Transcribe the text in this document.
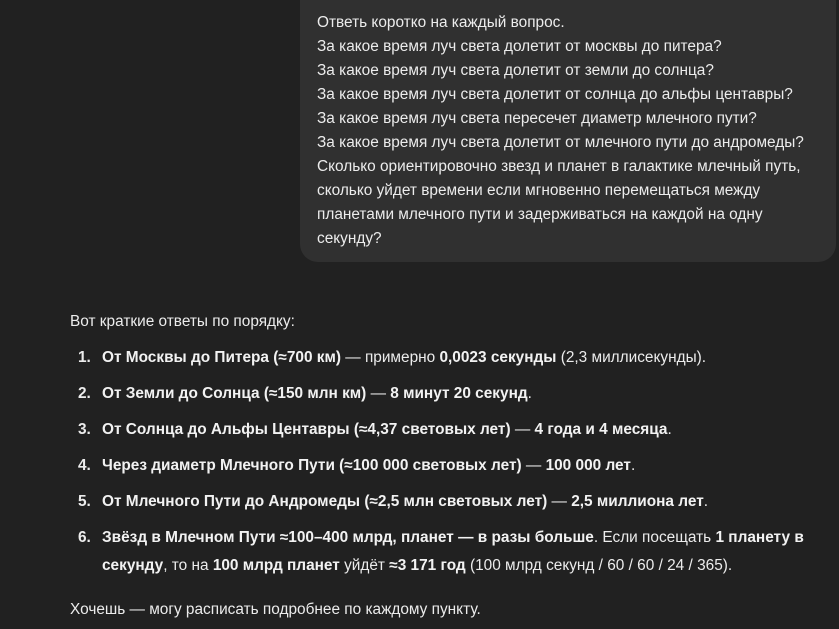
Ответь коротко на каждый вопрос.
За какое время луч света долетит от москвы до питера?
За какое время луч света долетит от земли до солнца?
За какое время луч света долетит от солнца до альфы центавры?
За какое время луч света пересечет диаметр млечного пути?
За какое время луч света долетит от млечного пути до андромеды?
Сколько ориентировочно звезд и планет в галактике млечный путь,
сколько уйдет времени если мгновенно перемещаться между
планетами млечного пути и задерживаться на каждой на одну
секунду?

Вот краткие ответы по порядку:

1. От Москвы до Питера (≈700 км) — примерно 0,0023 секунды (2,3 миллисекунды).
2. От Земли до Солнца (≈150 млн км) — 8 минут 20 секунд.
3. От Солнца до Альфы Центавры (≈4,37 световых лет) — 4 года и 4 месяца.
4. Через диаметр Млечного Пути (≈100 000 световых лет) — 100 000 лет.
5. От Млечного Пути до Андромеды (≈2,5 млн световых лет) — 2,5 миллиона лет.
6. Звёзд в Млечном Пути ≈100–400 млрд, планет — в разы больше. Если посещать 1 планету в
секунду, то на 100 млрд планет уйдёт ≈3 171 год (100 млрд секунд / 60 / 60 / 24 / 365).

Хочешь — могу расписать подробнее по каждому пункту.
